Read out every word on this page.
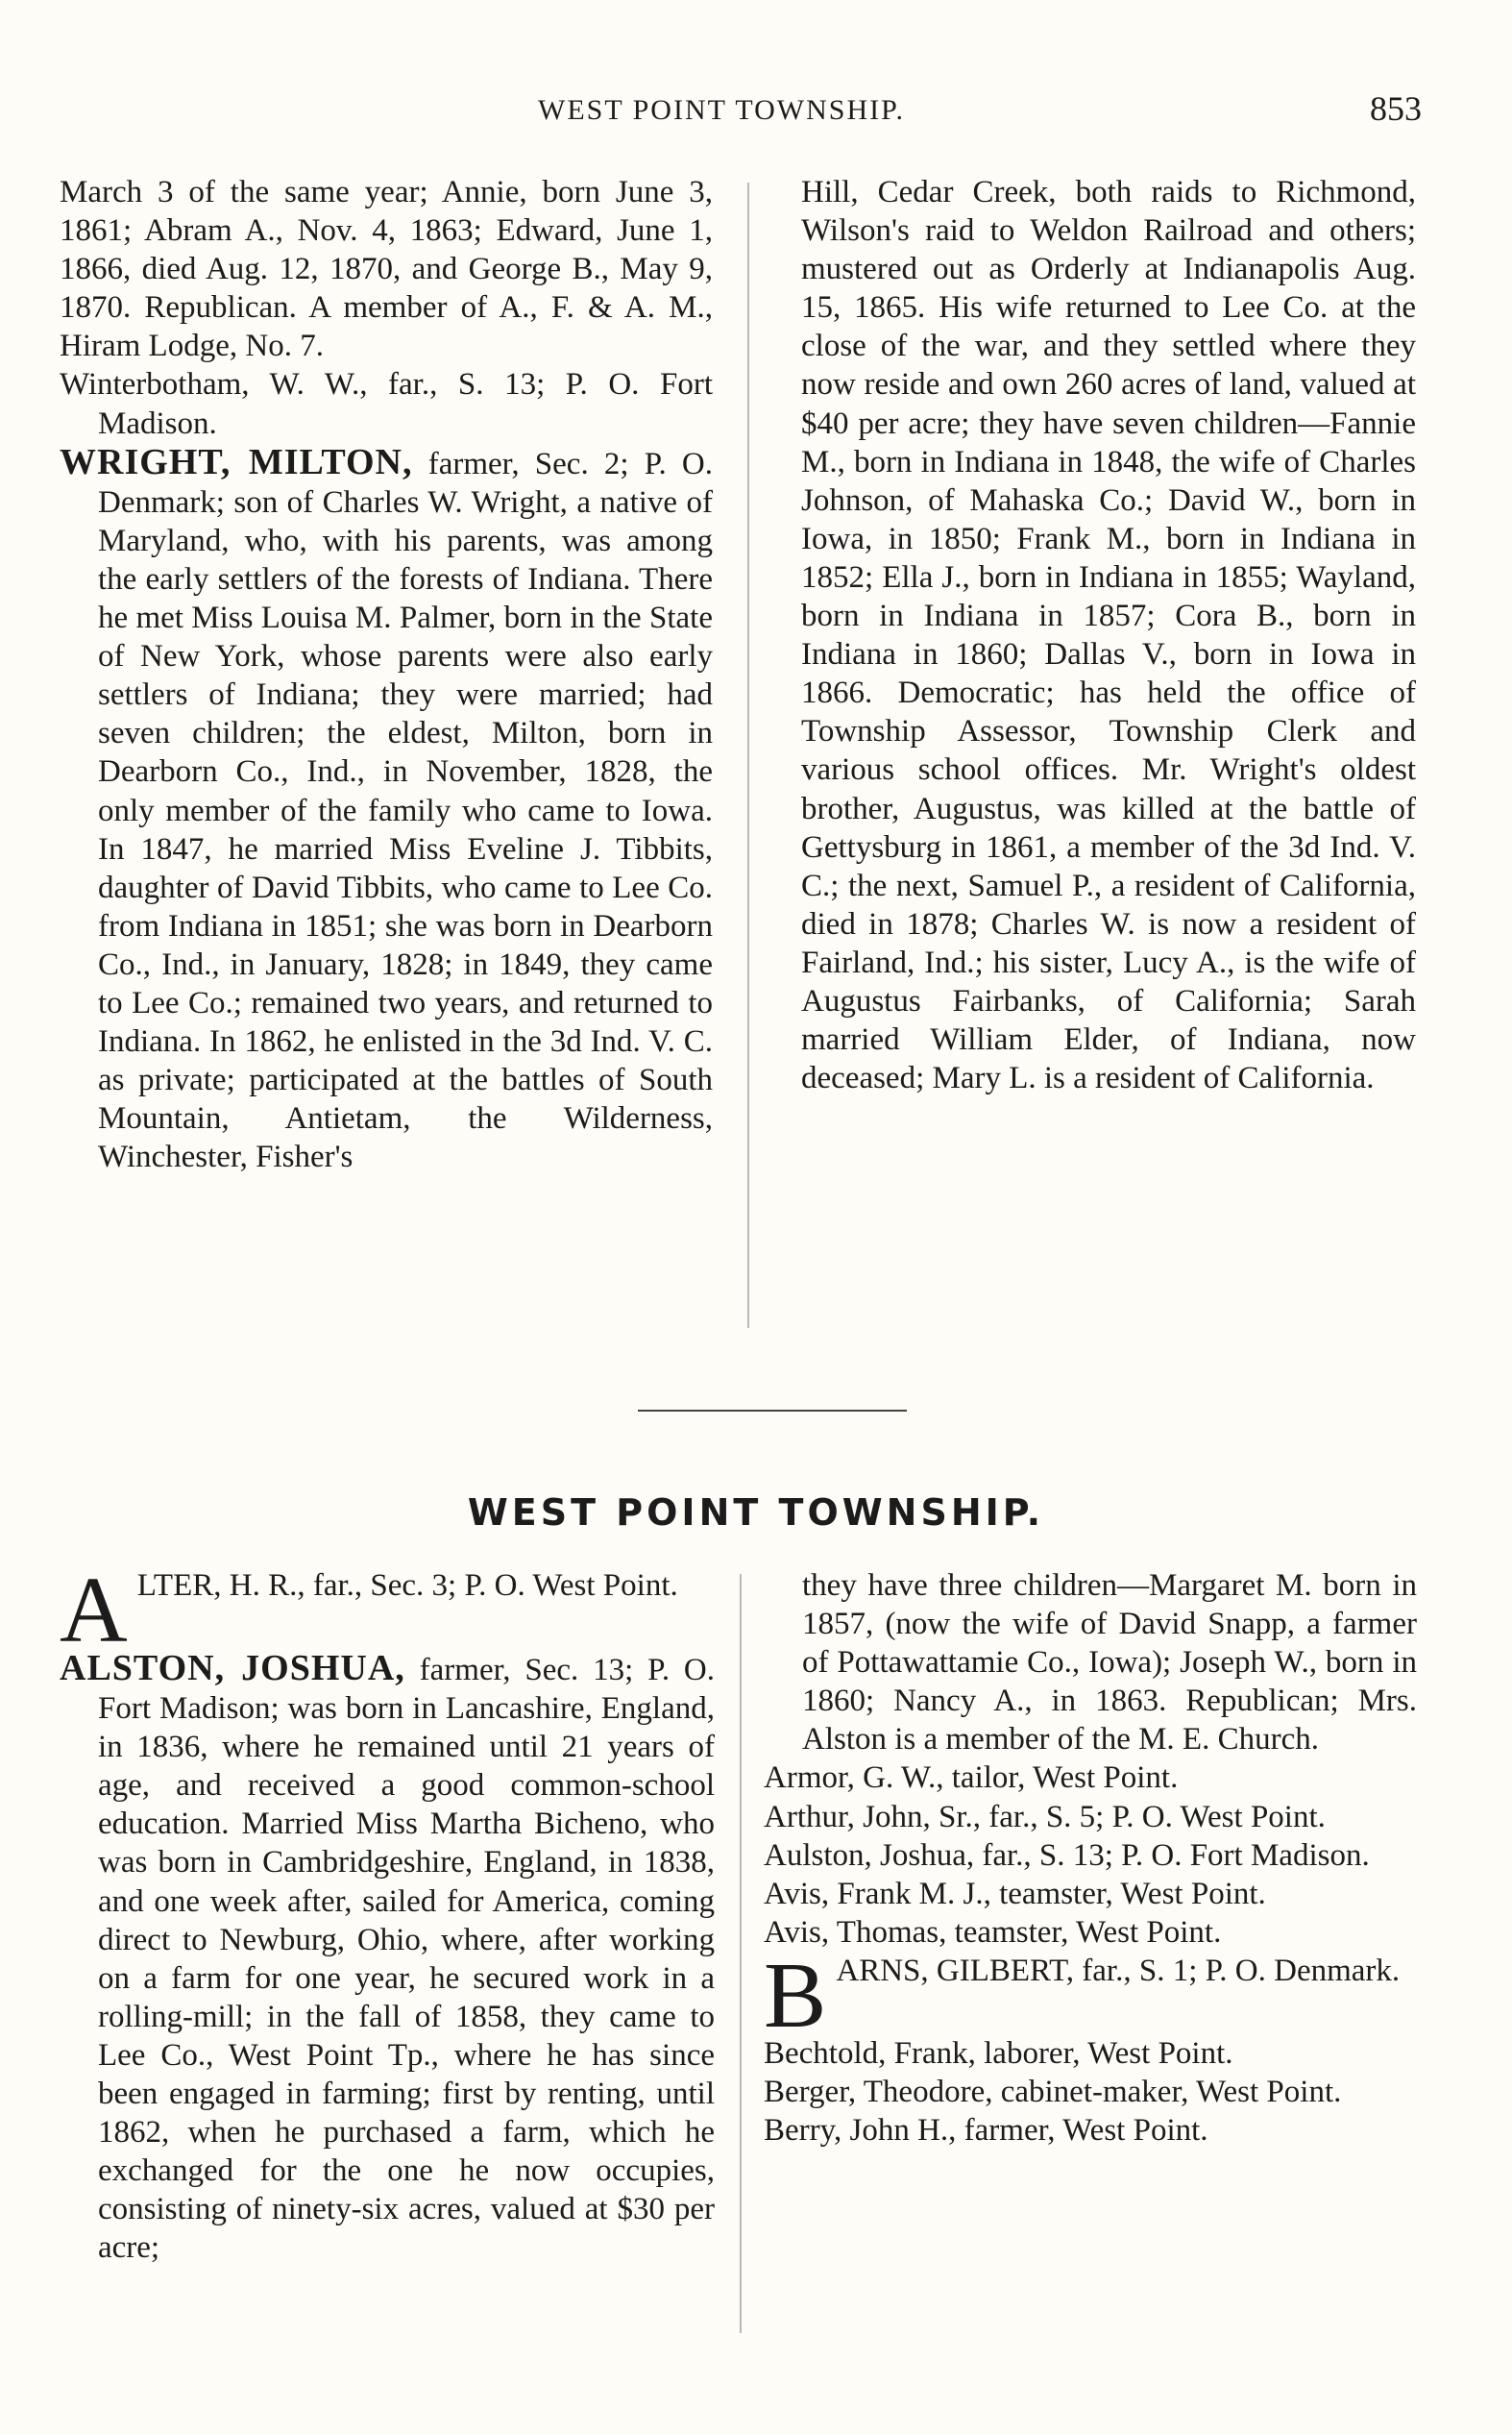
WEST POINT TOWNSHIP.	853

March 3 of the same year; Annie, born June 3, 1861; Abram A., Nov. 4, 1863; Edward, June 1, 1866, died Aug. 12, 1870, and George B., May 9, 1870. Republican. A member of A., F. & A. M., Hiram Lodge, No. 7.

Winterbotham, W. W., far., S. 13; P. O. Fort Madison.

WRIGHT, MILTON, farmer, Sec. 2; P. O. Denmark; son of Charles W. Wright, a native of Maryland, who, with his parents, was among the early settlers of the forests of Indiana. There he met Miss Louisa M. Palmer, born in the State of New York, whose parents were also early settlers of Indiana; they were married; had seven children; the eldest, Milton, born in Dearborn Co., Ind., in November, 1828, the only member of the family who came to Iowa. In 1847, he married Miss Eveline J. Tibbits, daughter of David Tibbits, who came to Lee Co. from Indiana in 1851; she was born in Dearborn Co., Ind., in January, 1828; in 1849, they came to Lee Co.; remained two years, and returned to Indiana. In 1862, he enlisted in the 3d Ind. V. C. as private; participated at the battles of South Mountain, Antietam, the Wilderness, Winchester, Fisher's

Hill, Cedar Creek, both raids to Richmond, Wilson's raid to Weldon Railroad and others; mustered out as Orderly at Indianapolis Aug. 15, 1865. His wife returned to Lee Co. at the close of the war, and they settled where they now reside and own 260 acres of land, valued at $40 per acre; they have seven children—Fannie M., born in Indiana in 1848, the wife of Charles Johnson, of Mahaska Co.; David W., born in Iowa, in 1850; Frank M., born in Indiana in 1852; Ella J., born in Indiana in 1855; Wayland, born in Indiana in 1857; Cora B., born in Indiana in 1860; Dallas V., born in Iowa in 1866. Democratic; has held the office of Township Assessor, Township Clerk and various school offices. Mr. Wright's oldest brother, Augustus, was killed at the battle of Gettysburg in 1861, a member of the 3d Ind. V. C.; the next, Samuel P., a resident of California, died in 1878; Charles W. is now a resident of Fairland, Ind.; his sister, Lucy A., is the wife of Augustus Fairbanks, of California; Sarah married William Elder, of Indiana, now deceased; Mary L. is a resident of California.

WEST POINT TOWNSHIP.

ALTER, H. R., far., Sec. 3; P. O. West Point.

ALSTON, JOSHUA, farmer, Sec. 13; P. O. Fort Madison; was born in Lancashire, England, in 1836, where he remained until 21 years of age, and received a good common-school education. Married Miss Martha Bicheno, who was born in Cambridgeshire, England, in 1838, and one week after, sailed for America, coming direct to Newburg, Ohio, where, after working on a farm for one year, he secured work in a rolling-mill; in the fall of 1858, they came to Lee Co., West Point Tp., where he has since been engaged in farming; first by renting, until 1862, when he purchased a farm, which he exchanged for the one he now occupies, consisting of ninety-six acres, valued at $30 per acre;

they have three children—Margaret M. born in 1857, (now the wife of David Snapp, a farmer of Pottawattamie Co., Iowa); Joseph W., born in 1860; Nancy A., in 1863. Republican; Mrs. Alston is a member of the M. E. Church.

Armor, G. W., tailor, West Point.

Arthur, John, Sr., far., S. 5; P. O. West Point.

Aulston, Joshua, far., S. 13; P. O. Fort Madison.

Avis, Frank M. J., teamster, West Point.

Avis, Thomas, teamster, West Point.

BARNS, GILBERT, far., S. 1; P. O. Denmark.

Bechtold, Frank, laborer, West Point.

Berger, Theodore, cabinet-maker, West Point.

Berry, John H., farmer, West Point.
